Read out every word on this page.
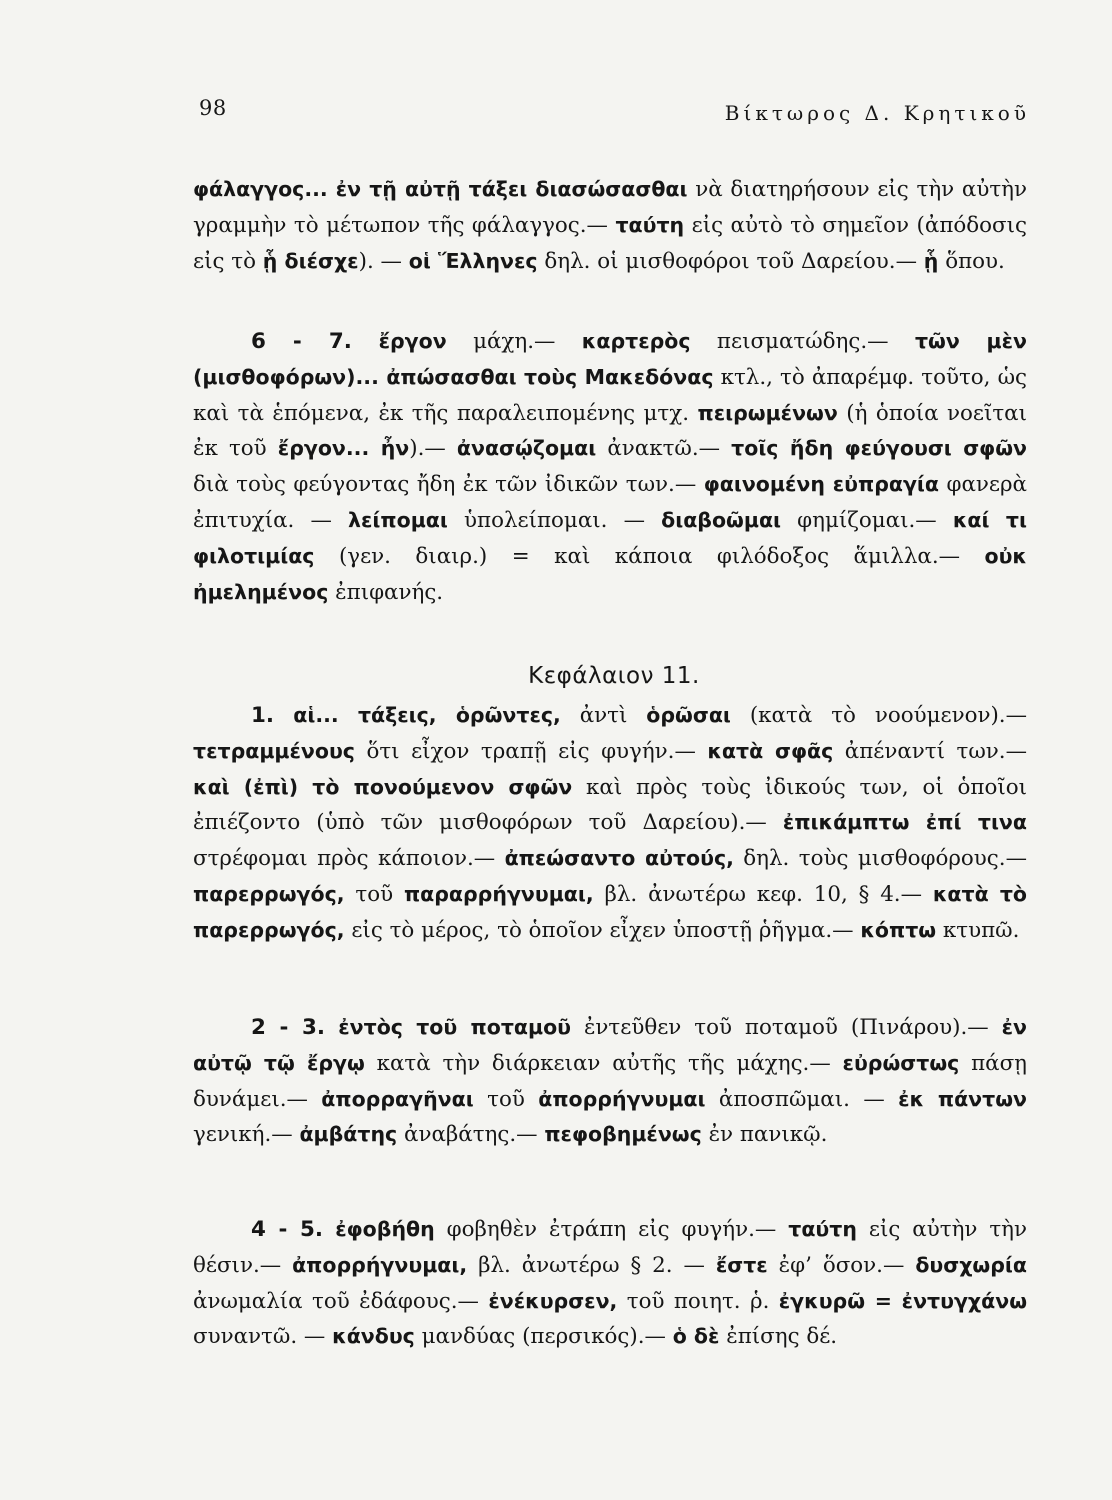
98	Βίκτωρος Δ. Κρητικοῦ
φάλαγγος... ἐν τῇ αὐτῇ τάξει διασώσασθαι νὰ διατηρήσουν εἰς τὴν αὐτὴν γραμμὴν τὸ μέτωπον τῆς φάλαγγος.— ταύτη εἰς αὐτὸ τὸ σημεῖον (ἀπόδοσις εἰς τὸ ᾗ διέσχε). — οἱ Ἕλληνες δηλ. οἱ μισθοφόροι τοῦ Δαρείου.— ᾗ ὅπου.
6 - 7. ἔργον μάχη.— καρτερὸς πεισματώδης.— τῶν μὲν (μισθοφόρων)... ἀπώσασθαι τοὺς Μακεδόνας κτλ., τὸ ἀπαρέμφ. τοῦτο, ὡς καὶ τὰ ἑπόμενα, ἐκ τῆς παραλειπομένης μτχ. πειρωμένων (ἡ ὁποία νοεῖται ἐκ τοῦ ἔργον... ἦν).— ἀνασῴζομαι ἀνακτῶ.— τοῖς ἤδη φεύγουσι σφῶν διὰ τοὺς φεύγοντας ἤδη ἐκ τῶν ἰδικῶν των.— φαινομένη εὐπραγία φανερὰ ἐπιτυχία. — λείπομαι ὑπολείπομαι. — διαβοῶμαι φημίζομαι.— καί τι φιλοτιμίας (γεν. διαιρ.) = καὶ κάποια φιλόδοξος ἅμιλλα.— οὐκ ἠμελημένος ἐπιφανής.
Κεφάλαιον 11.
1. αἱ... τάξεις, ὁρῶντες, ἀντὶ ὁρῶσαι (κατὰ τὸ νοούμενον).— τετραμμένους ὅτι εἶχον τραπῇ εἰς φυγήν.— κατὰ σφᾶς ἀπέναντί των.— καὶ (ἐπὶ) τὸ πονούμενον σφῶν καὶ πρὸς τοὺς ἰδικούς των, οἱ ὁποῖοι ἐπιέζοντο (ὑπὸ τῶν μισθοφόρων τοῦ Δαρείου).— ἐπικάμπτω ἐπί τινα στρέφομαι πρὸς κάποιον.— ἀπεώσαντο αὐτούς, δηλ. τοὺς μισθοφόρους.— παρερρωγός, τοῦ παραρρήγνυμαι, βλ. ἀνωτέρω κεφ. 10, § 4.— κατὰ τὸ παρερρωγός, εἰς τὸ μέρος, τὸ ὁποῖον εἶχεν ὑποστῇ ῥῆγμα.— κόπτω κτυπῶ.
2 - 3. ἐντὸς τοῦ ποταμοῦ ἐντεῦθεν τοῦ ποταμοῦ (Πινάρου).— ἐν αὐτῷ τῷ ἔργῳ κατὰ τὴν διάρκειαν αὐτῆς τῆς μάχης.— εὐρώστως πάσῃ δυνάμει.— ἀπορραγῆναι τοῦ ἀπορρήγνυμαι ἀποσπῶμαι. — ἐκ πάντων γενική.— ἀμβάτης ἀναβάτης.— πεφοβημένως ἐν πανικῷ.
4 - 5. ἐφοβήθη φοβηθὲν ἐτράπη εἰς φυγήν.— ταύτη εἰς αὐτὴν τὴν θέσιν.— ἀπορρήγνυμαι, βλ. ἀνωτέρω § 2. — ἔστε ἐφ’ ὅσον.— δυσχωρία ἀνωμαλία τοῦ ἐδάφους.— ἐνέκυρσεν, τοῦ ποιητ. ῥ. ἐγκυρῶ = ἐντυγχάνω συναντῶ. — κάνδυς μανδύας (περσικός).— ὁ δὲ ἐπίσης δέ.
